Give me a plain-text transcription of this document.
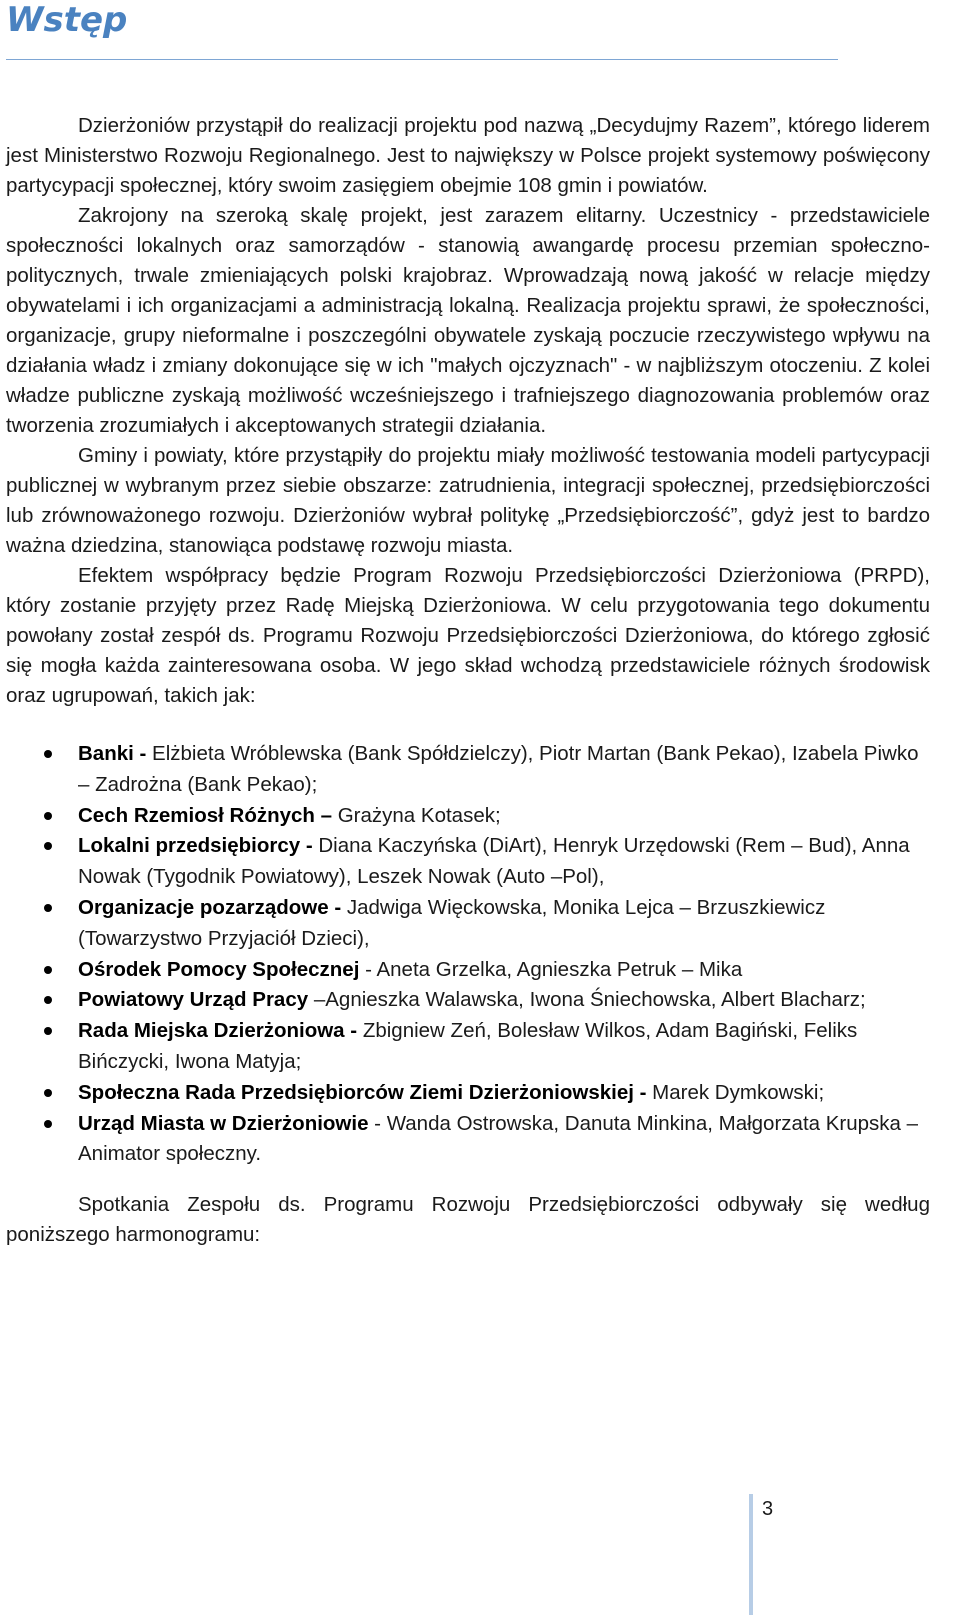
Wstęp

Dzierżoniów przystąpił do realizacji projektu pod nazwą „Decydujmy Razem”, którego liderem jest Ministerstwo Rozwoju Regionalnego. Jest to największy w Polsce projekt systemowy poświęcony partycypacji społecznej, który swoim zasięgiem obejmie 108 gmin i powiatów.

Zakrojony na szeroką skalę projekt, jest zarazem elitarny. Uczestnicy - przedstawiciele społeczności lokalnych oraz samorządów - stanowią awangardę procesu przemian społeczno-politycznych, trwale zmieniających polski krajobraz. Wprowadzają nową jakość w relacje między obywatelami i ich organizacjami a administracją lokalną. Realizacja projektu sprawi, że społeczności, organizacje, grupy nieformalne i poszczególni obywatele zyskają poczucie rzeczywistego wpływu na działania władz i zmiany dokonujące się w ich "małych ojczyznach" - w najbliższym otoczeniu. Z kolei władze publiczne zyskają możliwość wcześniejszego i trafniejszego diagnozowania problemów oraz tworzenia zrozumiałych i akceptowanych strategii działania.

Gminy i powiaty, które przystąpiły do projektu miały możliwość testowania modeli partycypacji publicznej w wybranym przez siebie obszarze: zatrudnienia, integracji społecznej, przedsiębiorczości lub zrównoważonego rozwoju. Dzierżoniów wybrał politykę „Przedsiębiorczość”, gdyż jest to bardzo ważna dziedzina, stanowiąca podstawę rozwoju miasta.

Efektem współpracy będzie Program Rozwoju Przedsiębiorczości Dzierżoniowa (PRPD), który zostanie przyjęty przez Radę Miejską Dzierżoniowa. W celu przygotowania tego dokumentu powołany został zespół ds. Programu Rozwoju Przedsiębiorczości Dzierżoniowa, do którego zgłosić się mogła każda zainteresowana osoba. W jego skład wchodzą przedstawiciele różnych środowisk oraz ugrupowań, takich jak:

Banki - Elżbieta Wróblewska (Bank Spółdzielczy), Piotr Martan (Bank Pekao), Izabela Piwko – Zadrożna (Bank Pekao);
Cech Rzemiosł Różnych – Grażyna Kotasek;
Lokalni przedsiębiorcy - Diana Kaczyńska (DiArt), Henryk Urzędowski (Rem – Bud), Anna Nowak (Tygodnik Powiatowy), Leszek Nowak (Auto –Pol),
Organizacje pozarządowe - Jadwiga Więckowska, Monika Lejca – Brzuszkiewicz (Towarzystwo Przyjaciół Dzieci),
Ośrodek Pomocy Społecznej - Aneta Grzelka, Agnieszka Petruk – Mika
Powiatowy Urząd Pracy –Agnieszka Walawska, Iwona Śniechowska, Albert Blacharz;
Rada Miejska Dzierżoniowa - Zbigniew Zeń, Bolesław Wilkos, Adam Bagiński, Feliks Bińczycki, Iwona Matyja;
Społeczna Rada Przedsiębiorców Ziemi Dzierżoniowskiej - Marek Dymkowski;
Urząd Miasta w Dzierżoniowie - Wanda Ostrowska, Danuta Minkina, Małgorzata Krupska – Animator społeczny.

Spotkania Zespołu ds. Programu Rozwoju Przedsiębiorczości odbywały się według poniższego harmonogramu:

3
